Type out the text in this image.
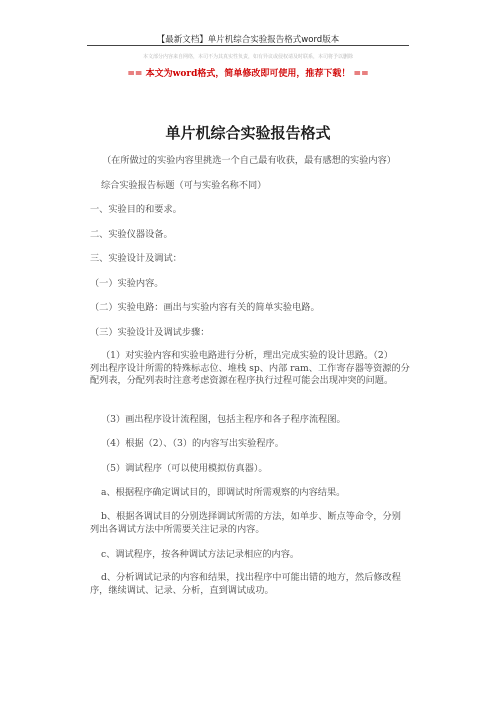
【最新文档】单片机综合实验报告格式word版本
本文部分内容来自网络，本司不为其真实性负责，如有异议或侵权请及时联系，本司将予以删除
== 本文为word格式，简单修改即可使用，推荐下载！ ==
单片机综合实验报告格式
（在所做过的实验内容里挑选一个自己最有收获，最有感想的实验内容）
综合实验报告标题（可与实验名称不同）
一、实验目的和要求。
二、实验仪器设备。
三、实验设计及调试：
（一）实验内容。
（二）实验电路：画出与实验内容有关的简单实验电路。
（三）实验设计及调试步骤：
（1）对实验内容和实验电路进行分析，理出完成实验的设计思路。（2）
列出程序设计所需的特殊标志位、堆栈 sp、内部 ram、工作寄存器等资源的分
配列表，分配列表时注意考虑资源在程序执行过程可能会出现冲突的问题。
（3）画出程序设计流程图，包括主程序和各子程序流程图。
（4）根据（2）、（3）的内容写出实验程序。
（5）调试程序（可以使用模拟仿真器）。
a、根据程序确定调试目的，即调试时所需观察的内容结果。
b、根据各调试目的分别选择调试所需的方法，如单步、断点等命令，分别
列出各调试方法中所需要关注记录的内容。
c、调试程序，按各种调试方法记录相应的内容。
d、分析调试记录的内容和结果，找出程序中可能出错的地方，然后修改程
序，继续调试、记录、分析，直到调试成功。
